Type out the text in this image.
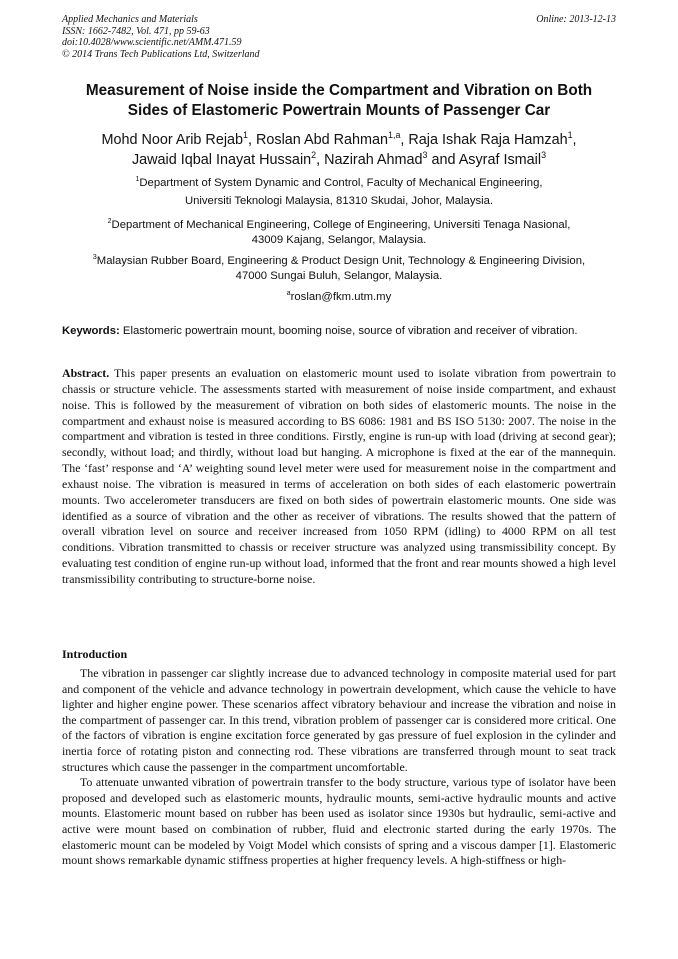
Applied Mechanics and Materials
ISSN: 1662-7482, Vol. 471, pp 59-63
doi:10.4028/www.scientific.net/AMM.471.59
© 2014 Trans Tech Publications Ltd, Switzerland
Online: 2013-12-13
Measurement of Noise inside the Compartment and Vibration on Both
Sides of Elastomeric Powertrain Mounts of Passenger Car
Mohd Noor Arib Rejab$^1$, Roslan Abd Rahman$^{1,a}$, Raja Ishak Raja Hamzah$^1$,
Jawaid Iqbal Inayat Hussain$^2$, Nazirah Ahmad$^3$ and Asyraf Ismail$^3$
$^1$Department of System Dynamic and Control, Faculty of Mechanical Engineering,
Universiti Teknologi Malaysia, 81310 Skudai, Johor, Malaysia.
$^2$Department of Mechanical Engineering, College of Engineering, Universiti Tenaga Nasional,
43009 Kajang, Selangor, Malaysia.
$^3$Malaysian Rubber Board, Engineering & Product Design Unit, Technology & Engineering Division,
47000 Sungai Buluh, Selangor, Malaysia.
$^a$roslan@fkm.utm.my
Keywords: Elastomeric powertrain mount, booming noise, source of vibration and receiver of vibration.
Abstract. This paper presents an evaluation on elastomeric mount used to isolate vibration from powertrain to chassis or structure vehicle. The assessments started with measurement of noise inside compartment, and exhaust noise. This is followed by the measurement of vibration on both sides of elastomeric mounts. The noise in the compartment and exhaust noise is measured according to BS 6086: 1981 and BS ISO 5130: 2007. The noise in the compartment and vibration is tested in three conditions. Firstly, engine is run-up with load (driving at second gear); secondly, without load; and thirdly, without load but hanging. A microphone is fixed at the ear of the mannequin. The ‘fast’ response and ‘A’ weighting sound level meter were used for measurement noise in the compartment and exhaust noise. The vibration is measured in terms of acceleration on both sides of each elastomeric powertrain mounts. Two accelerometer transducers are fixed on both sides of powertrain elastomeric mounts. One side was identified as a source of vibration and the other as receiver of vibrations. The results showed that the pattern of overall vibration level on source and receiver increased from 1050 RPM (idling) to 4000 RPM on all test conditions. Vibration transmitted to chassis or receiver structure was analyzed using transmissibility concept. By evaluating test condition of engine run-up without load, informed that the front and rear mounts showed a high level transmissibility contributing to structure-borne noise.
Introduction

The vibration in passenger car slightly increase due to advanced technology in composite material used for part and component of the vehicle and advance technology in powertrain development, which cause the vehicle to have lighter and higher engine power. These scenarios affect vibratory behaviour and increase the vibration and noise in the compartment of passenger car. In this trend, vibration problem of passenger car is considered more critical. One of the factors of vibration is engine excitation force generated by gas pressure of fuel explosion in the cylinder and inertia force of rotating piston and connecting rod. These vibrations are transferred through mount to seat track structures which cause the passenger in the compartment uncomfortable.

To attenuate unwanted vibration of powertrain transfer to the body structure, various type of isolator have been proposed and developed such as elastomeric mounts, hydraulic mounts, semi-active hydraulic mounts and active mounts. Elastomeric mount based on rubber has been used as isolator since 1930s but hydraulic, semi-active and active were mount based on combination of rubber, fluid and electronic started during the early 1970s. The elastomeric mount can be modeled by Voigt Model which consists of spring and a viscous damper [1]. Elastomeric mount shows remarkable dynamic stiffness properties at higher frequency levels. A high-stiffness or high-
